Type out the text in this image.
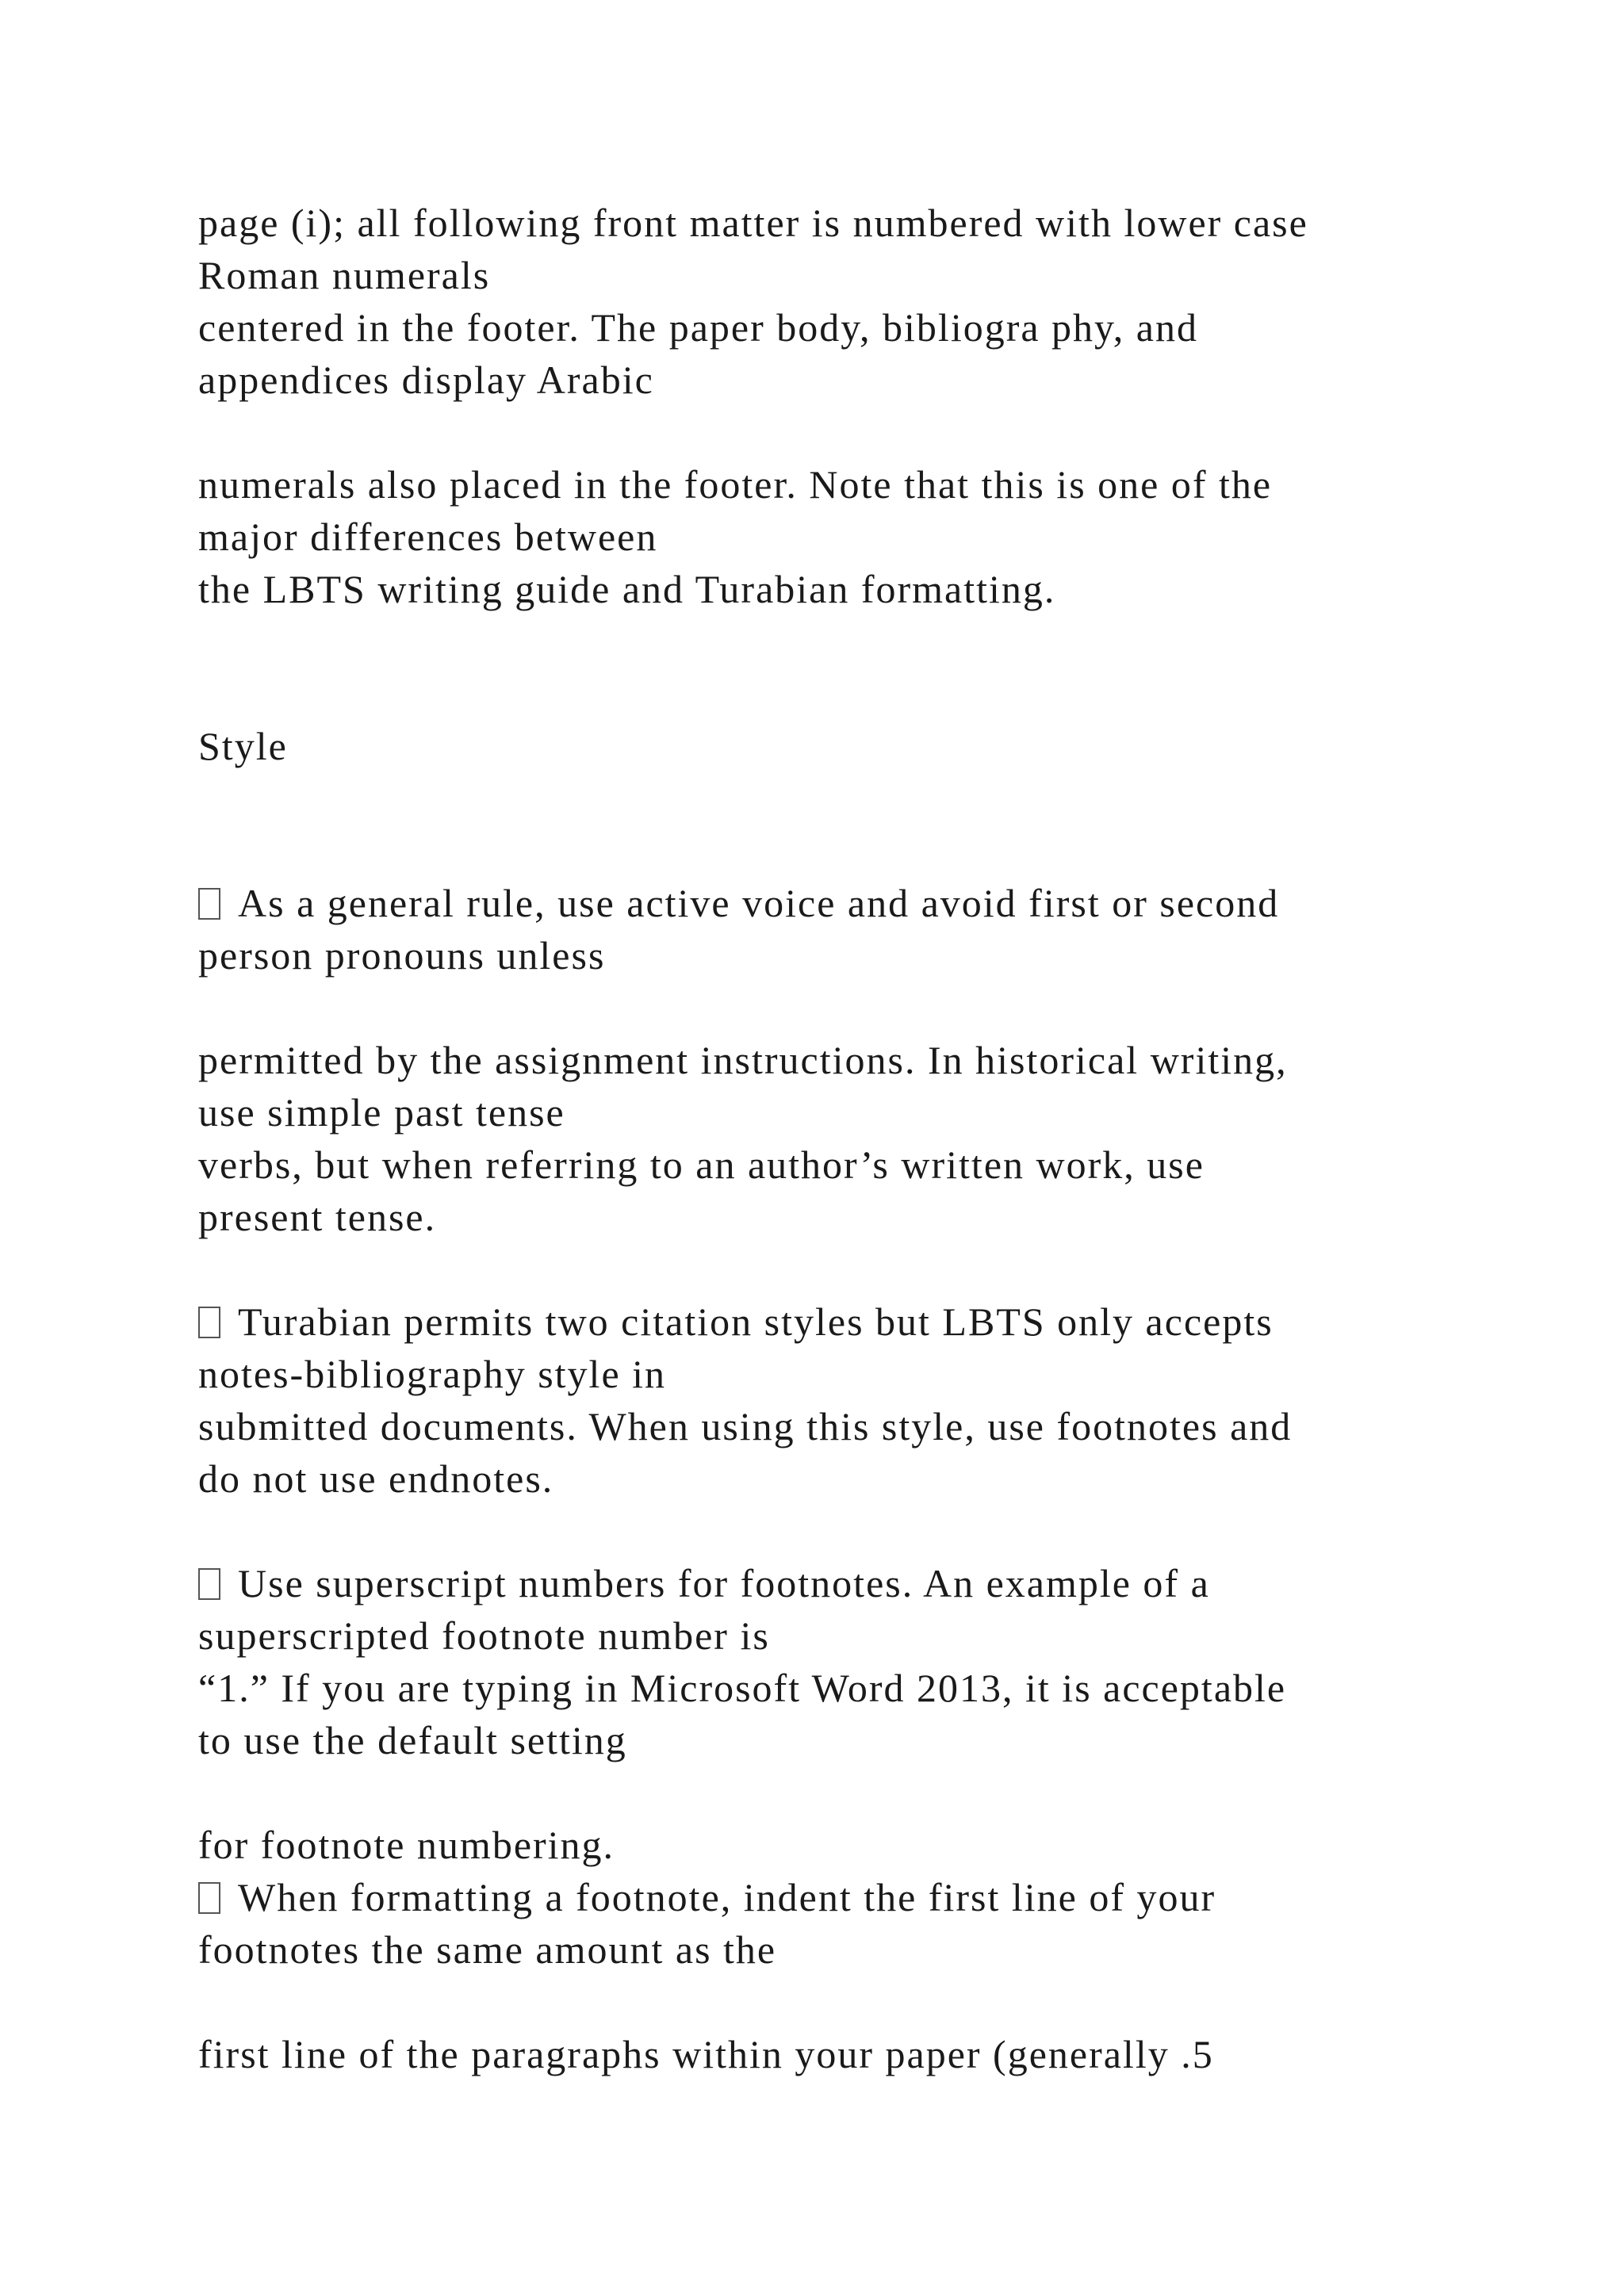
page (i); all following front matter is numbered with lower case
Roman numerals
centered in the footer. The paper body, bibliogra phy, and
appendices display Arabic
numerals also placed in the footer. Note that this is one of the
major differences between
the LBTS writing guide and Turabian formatting.
Style
As a general rule, use active voice and avoid first or second
person pronouns unless
permitted by the assignment instructions. In historical writing,
use simple past tense
verbs, but when referring to an author’s written work, use
present tense.
Turabian permits two citation styles but LBTS only accepts
notes-bibliography style in
submitted documents. When using this style, use footnotes and
do not use endnotes.
Use superscript numbers for footnotes. An example of a
superscripted footnote number is
“1.” If you are typing in Microsoft Word 2013, it is acceptable
to use the default setting
for footnote numbering.
When formatting a footnote, indent the first line of your
footnotes the same amount as the
first line of the paragraphs within your paper (generally .5
